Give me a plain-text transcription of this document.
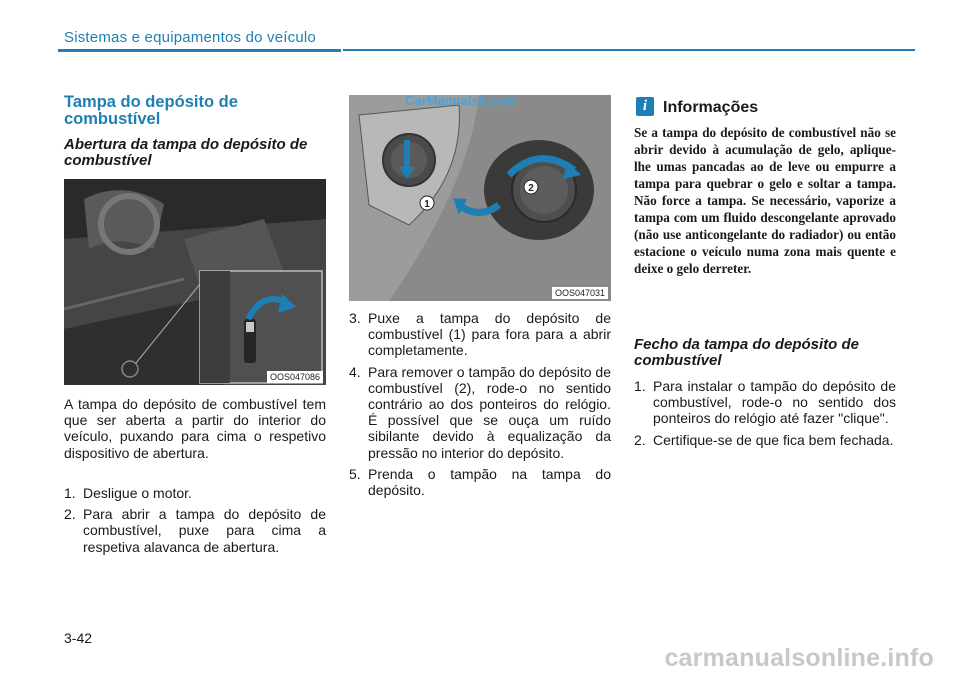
Sistemas e equipamentos do veículo
Tampa do depósito de combustível
Abertura da tampa do depósito de combustível
OOS047086
A tampa do depósito de combustível tem que ser aberta a partir do interior do veículo, puxando para cima o respetivo dispositivo de abertura.
1. Desligue o motor.
2. Para abrir a tampa do depósito de combustível, puxe para cima a respetiva alavanca de abertura.
1
2
OOS047031
CarManuals2.com
3. Puxe a tampa do depósito de combustível (1) para fora para a abrir completamente.
4. Para remover o tampão do depósito de combustível (2), rode-o no sentido contrário ao dos ponteiros do relógio. É possível que se ouça um ruído sibilante devido à equalização da pressão no interior do depósito.
5. Prenda o tampão na tampa do depósito.
i Informações
Se a tampa do depósito de combustível não se abrir devido à acumulação de gelo, aplique-lhe umas pancadas ao de leve ou empurre a tampa para quebrar o gelo e soltar a tampa. Não force a tampa. Se necessário, vaporize a tampa com um fluido descongelante aprovado (não use anticongelante do radiador) ou então estacione o veículo numa zona mais quente e deixe o gelo derreter.
Fecho da tampa do depósito de combustível
1. Para instalar o tampão do depósito de combustível, rode-o no sentido dos ponteiros do relógio até fazer "clique".
2. Certifique-se de que fica bem fechada.
3-42
carmanualsonline.info
